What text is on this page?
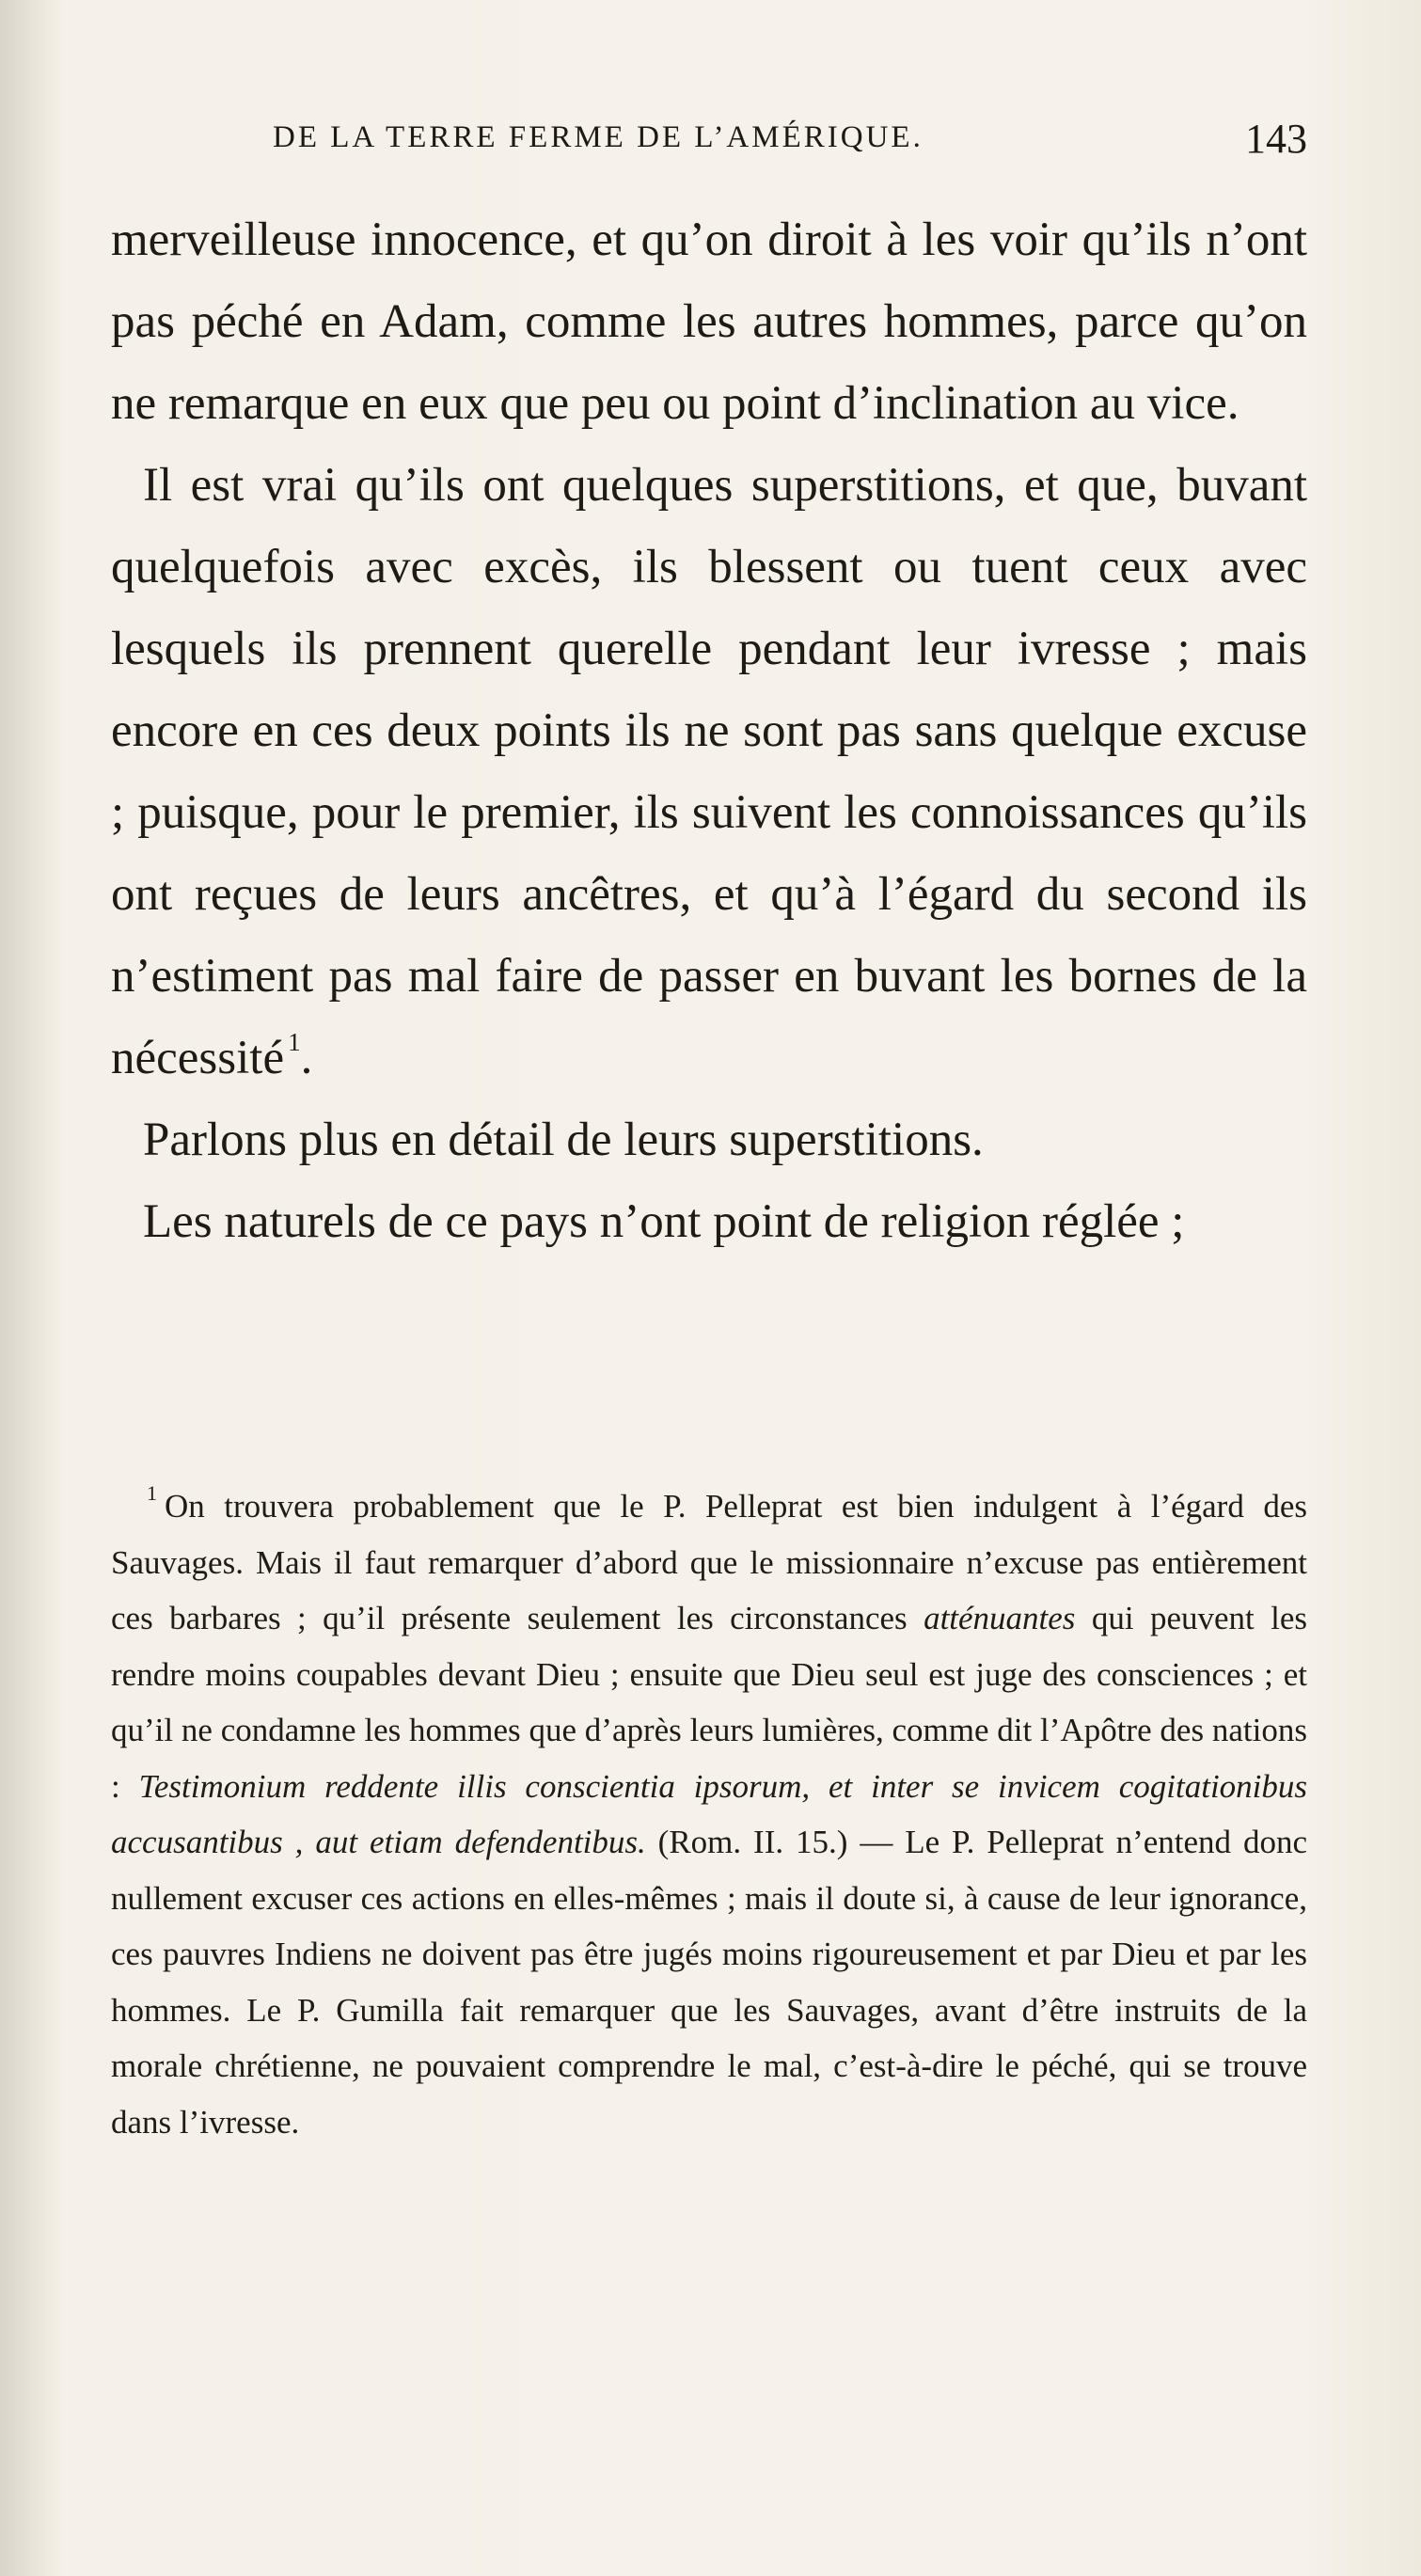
DE LA TERRE FERME DE L’AMÉRIQUE.	143

merveilleuse innocence, et qu’on diroit à les voir qu’ils n’ont pas péché en Adam, comme les autres hommes, parce qu’on ne remarque en eux que peu ou point d’inclination au vice.

Il est vrai qu’ils ont quelques superstitions, et que, buvant quelquefois avec excès, ils blessent ou tuent ceux avec lesquels ils prennent querelle pendant leur ivresse ; mais encore en ces deux points ils ne sont pas sans quelque excuse ; puisque, pour le premier, ils suivent les connoissances qu’ils ont reçues de leurs ancêtres, et qu’à l’égard du second ils n’estiment pas mal faire de passer en buvant les bornes de la nécessité $^1$.

Parlons plus en détail de leurs superstitions.

Les naturels de ce pays n’ont point de religion réglée ;

$^1$ On trouvera probablement que le P. Pelleprat est bien indulgent à l’égard des Sauvages. Mais il faut remarquer d’abord que le missionnaire n’excuse pas entièrement ces barbares ; qu’il présente seulement les circonstances atténuantes qui peuvent les rendre moins coupables devant Dieu ; ensuite que Dieu seul est juge des consciences ; et qu’il ne condamne les hommes que d’après leurs lumières, comme dit l’Apôtre des nations : Testimonium reddente illis conscientia ipsorum, et inter se invicem cogitationibus accusantibus , aut etiam defendentibus. (Rom. II. 15.) — Le P. Pelleprat n’entend donc nullement excuser ces actions en elles-mêmes ; mais il doute si, à cause de leur ignorance, ces pauvres Indiens ne doivent pas être jugés moins rigoureusement et par Dieu et par les hommes. Le P. Gumilla fait remarquer que les Sauvages, avant d’être instruits de la morale chrétienne, ne pouvaient comprendre le mal, c’est-à-dire le péché, qui se trouve dans l’ivresse.
